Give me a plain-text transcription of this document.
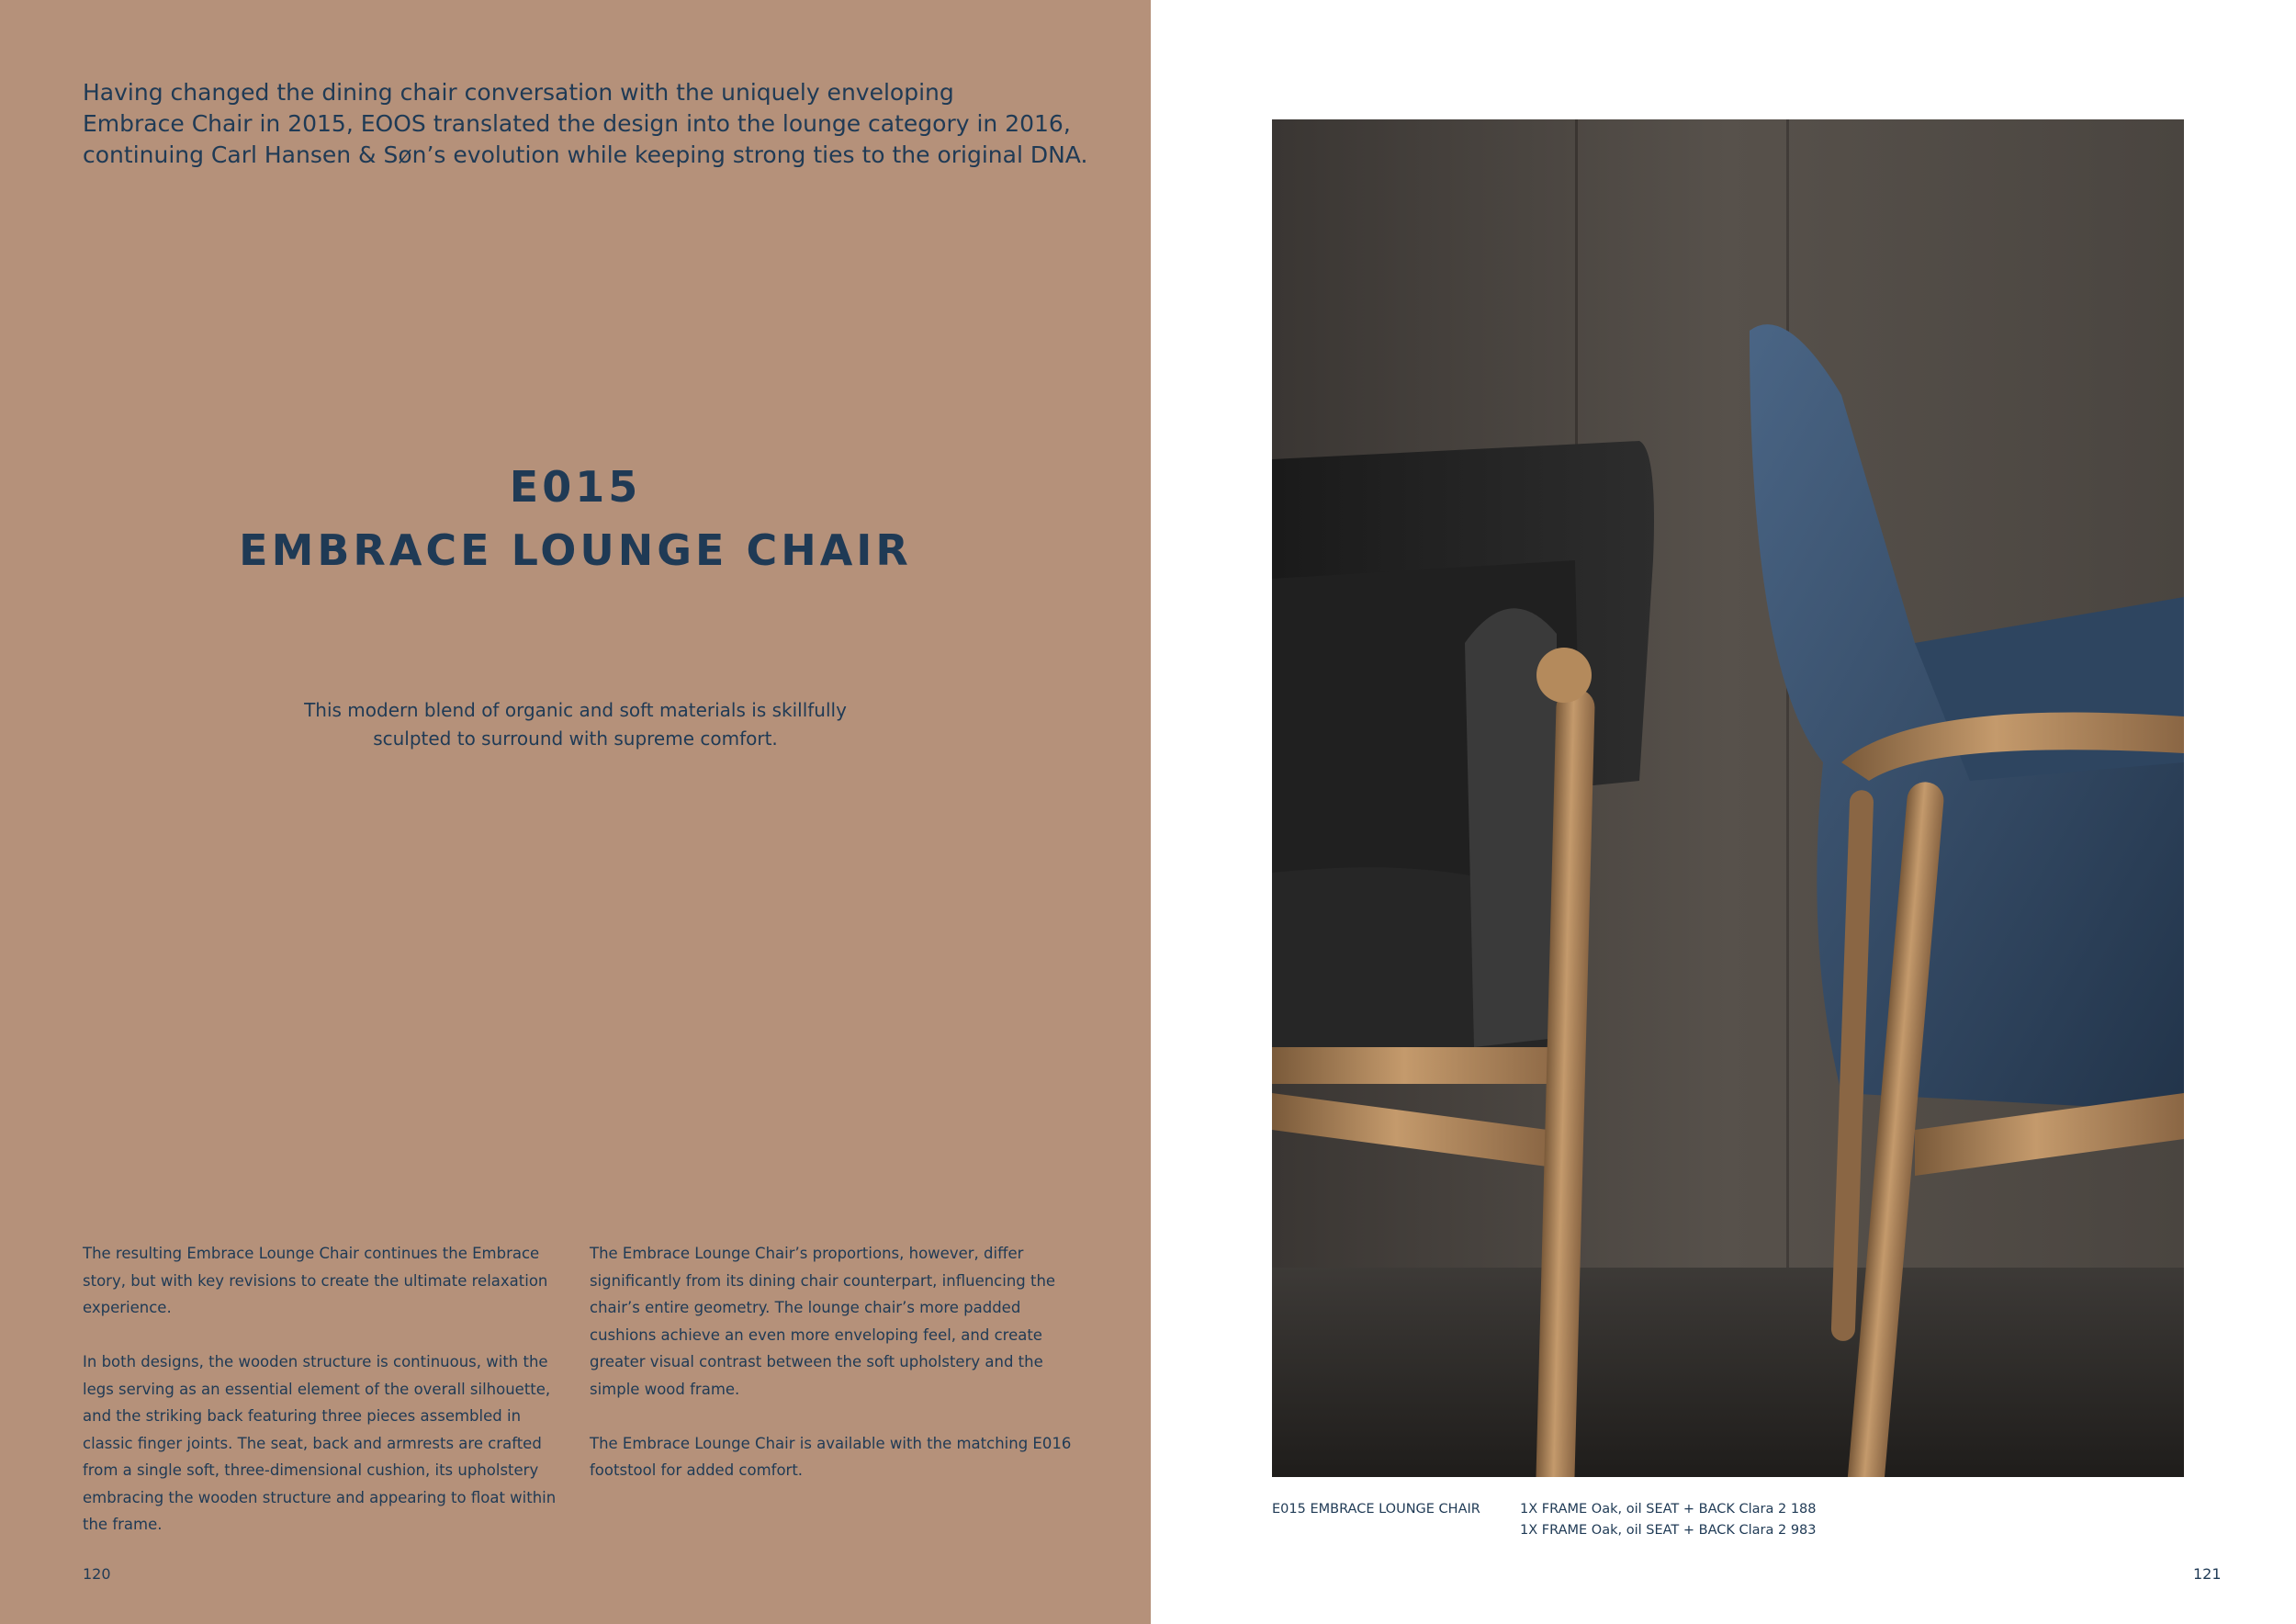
Having changed the dining chair conversation with the uniquely enveloping
Embrace Chair in 2015, EOOS translated the design into the lounge category in 2016,
continuing Carl Hansen & Søn’s evolution while keeping strong ties to the original DNA.

E015
EMBRACE LOUNGE CHAIR

This modern blend of organic and soft materials is skillfully
sculpted to surround with supreme comfort.

The resulting Embrace Lounge Chair continues the Embrace story, but with key revisions to create the ultimate relaxation experience.

In both designs, the wooden structure is continuous, with the legs serving as an essential element of the overall silhouette, and the striking back featuring three pieces assembled in classic finger joints. The seat, back and armrests are crafted from a single soft, three-dimensional cushion, its upholstery embracing the wooden structure and appearing to float within the frame.

The Embrace Lounge Chair’s proportions, however, differ significantly from its dining chair counterpart, influencing the chair’s entire geometry. The lounge chair’s more padded cushions achieve an even more enveloping feel, and create greater visual contrast between the soft upholstery and the simple wood frame.

The Embrace Lounge Chair is available with the matching E016 footstool for added comfort.

120
E015 EMBRACE LOUNGE CHAIR	1X FRAME Oak, oil SEAT + BACK Clara 2 188
1X FRAME Oak, oil SEAT + BACK Clara 2 983
121
